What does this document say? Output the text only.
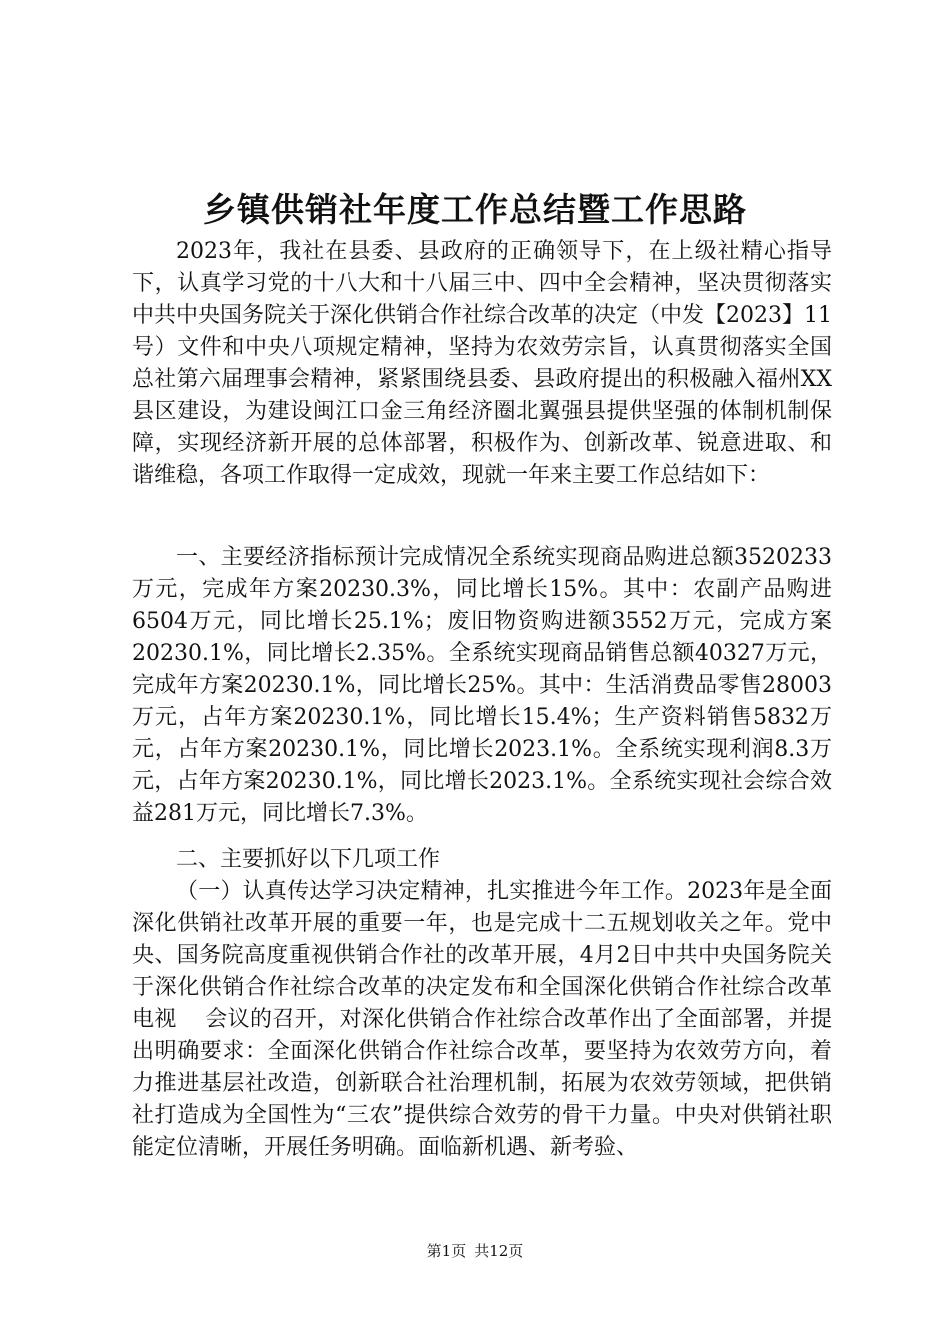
乡镇供销社年度工作总结暨工作思路

2023年，我社在县委、县政府的正确领导下，在上级社精心指导下，认真学习党的十八大和十八届三中、四中全会精神，坚决贯彻落实中共中央国务院关于深化供销合作社综合改革的决定（中发【2023】11号）文件和中央八项规定精神，坚持为农效劳宗旨，认真贯彻落实全国总社第六届理事会精神，紧紧围绕县委、县政府提出的积极融入福州XX县区建设，为建设闽江口金三角经济圈北翼强县提供坚强的体制机制保障，实现经济新开展的总体部署，积极作为、创新改革、锐意进取、和谐维稳，各项工作取得一定成效，现就一年来主要工作总结如下：

一、主要经济指标预计完成情况全系统实现商品购进总额3520233万元，完成年方案20230.3%，同比增长15%。其中：农副产品购进6504万元，同比增长25.1%；废旧物资购进额3552万元，完成方案20230.1%，同比增长2.35%。全系统实现商品销售总额40327万元，完成年方案20230.1%，同比增长25%。其中：生活消费品零售28003万元，占年方案20230.1%，同比增长15.4%；生产资料销售5832万元，占年方案20230.1%，同比增长2023.1%。全系统实现利润8.3万元，占年方案20230.1%，同比增长2023.1%。全系统实现社会综合效益281万元，同比增长7.3%。

二、主要抓好以下几项工作

（一）认真传达学习决定精神，扎实推进今年工作。2023年是全面深化供销社改革开展的重要一年，也是完成十二五规划收关之年。党中央、国务院高度重视供销合作社的改革开展，4月2日中共中央国务院关于深化供销合作社综合改革的决定发布和全国深化供销合作社综合改革电视 会议的召开，对深化供销合作社综合改革作出了全面部署，并提出明确要求：全面深化供销合作社综合改革，要坚持为农效劳方向，着力推进基层社改造，创新联合社治理机制，拓展为农效劳领域，把供销社打造成为全国性为“三农”提供综合效劳的骨干力量。中央对供销社职能定位清晰，开展任务明确。面临新机遇、新考验、

第1页 共12页
